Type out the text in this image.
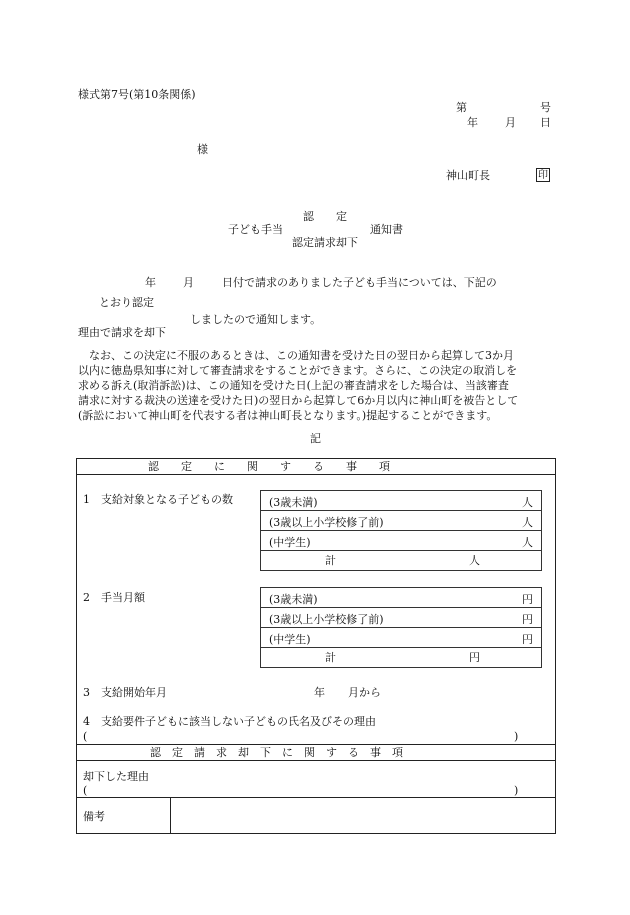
様式第7号(第10条関係)
第	号
年 月 日
様
神山町長	印
認　　定
子ども手当	通知書
認定請求却下
年 月	日付で請求のありました子ども手当については、下記の
とおり認定
しましたので通知します。
理由で請求を却下
　なお、この決定に不服のあるときは、この通知書を受けた日の翌日から起算して3か月
以内に徳島県知事に対して審査請求をすることができます。さらに、この決定の取消しを
求める訴え(取消訴訟)は、この通知を受けた日(上記の審査請求をした場合は、当該審査
請求に対する裁決の送達を受けた日)の翌日から起算して6か月以内に神山町を被告として
(訴訟において神山町を代表する者は神山町長となります。)提起することができます。
記
認　　定　　に　　関　　す　　る　　事　　項
1　支給対象となる子どもの数	(3歳未満)	人
(3歳以上小学校修了前)	人
(中学生)	人
計	人
2　手当月額	(3歳未満)	円
(3歳以上小学校修了前)	円
(中学生)	円
計	円
3　支給開始年月	年 月から
4　支給要件子どもに該当しない子どもの氏名及びその理由
(	)
認　定　請　求　却　下　に　関　す　る　事　項
却下した理由
(	)
備考
